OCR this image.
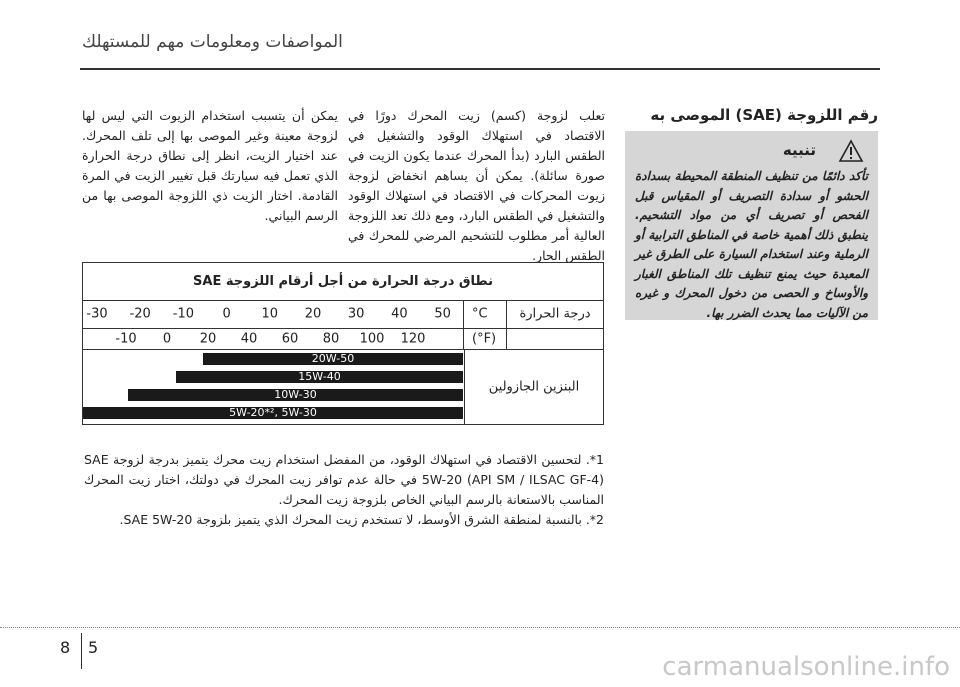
المواصفات ومعلومات مهم للمستهلك
رقم اللزوجة (SAE) الموصى به
تنبيه
تأكد دائمًا من تنظيف المنطقة المحيطة بسدادة الحشو أو سدادة التصريف أو المقياس قبل الفحص أو تصريف أي من مواد التشحيم. ينطبق ذلك أهمية خاصة في المناطق الترابية أو الرملية وعند استخدام السيارة على الطرق غير المعبدة حيث يمنع تنظيف تلك المناطق الغبار والأوساخ و الحصى من دخول المحرك و غيره من الآليات مما يحدث الضرر بها.
تعلب لزوجة (كسم) زيت المحرك دورًا في الاقتصاد في استهلاك الوقود والتشغيل في الطقس البارد (بدأ المحرك عندما يكون الزيت في صورة سائلة). يمكن أن يساهم انخفاض لزوجة زيوت المحركات في الاقتصاد في استهلاك الوقود والتشغيل في الطقس البارد، ومع ذلك تعد اللزوجة العالية أمر مطلوب للتشحيم المرضي للمحرك في الطقس الحار.
يمكن أن يتسبب استخدام الزيوت التي ليس لها لزوجة معينة وغير الموصى بها إلى تلف المحرك. عند اختيار الزيت، انظر إلى نطاق درجة الحرارة الذي تعمل فيه سيارتك قبل تغيير الزيت في المرة القادمة. اختار الزيت ذي اللزوجة الموصى بها من الرسم البياني.
نطاق درجة الحرارة من أجل أرقام اللزوجة SAE
-30 -20 -10 0 10 20 30 40 50 °C	درجة الحرارة
-10 0 20 40 60 80 100 120	(°F)
20W-50
15W-40
10W-30
5W-20*², 5W-30
البنزين الجازولين
1*. لتحسين الاقتصاد في استهلاك الوقود، من المفضل استخدام زيت محرك يتميز بدرجة لزوجة SAE 5W-20 (API SM / ILSAC GF-4) في حالة عدم توافر زيت المحرك في دولتك، اختار زيت المحرك المناسب بالاستعانة بالرسم البياني الخاص بلزوجة زيت المحرك.
2*. بالنسبة لمنطقة الشرق الأوسط، لا تستخدم زيت المحرك الذي يتميز بلزوجة SAE 5W-20.
5
8
carmanualsonline.info
